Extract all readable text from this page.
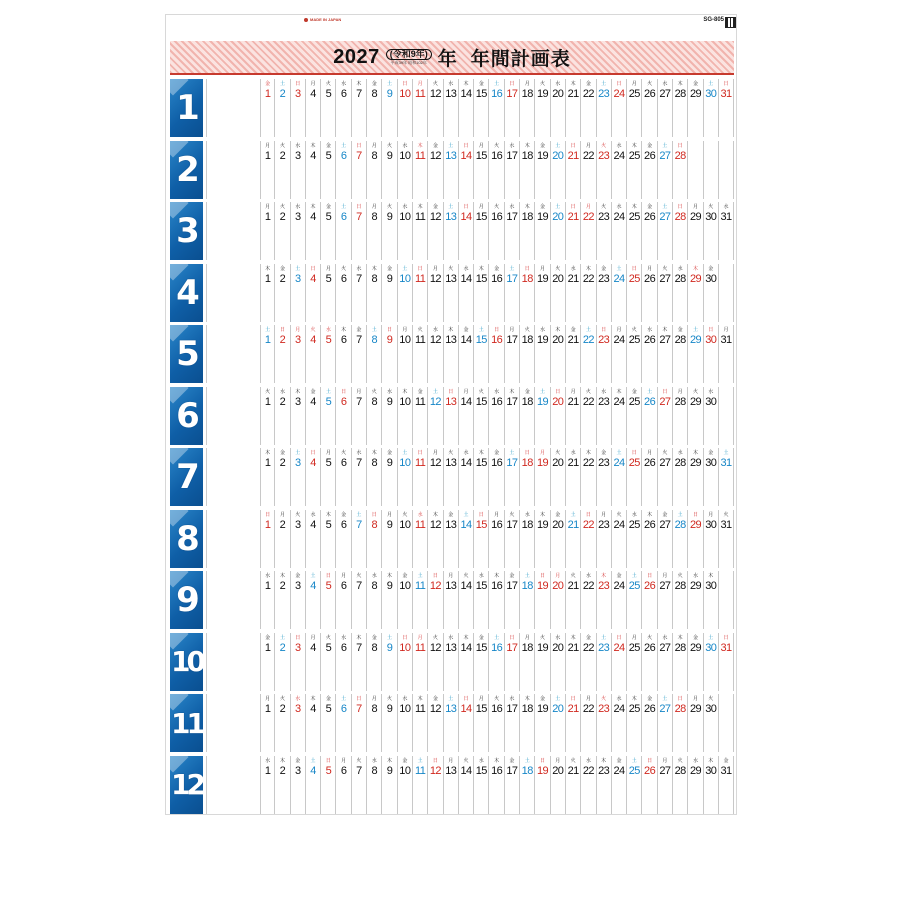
MADE IN JAPAN	SG-805
2027	(令和9年)
平成39年 昭和102年 年 年間計画表
1
金
1
土
2
日
3
月
4
火
5
水
6
木
7
金
8
土
9
日
10
月
11
火
12
水
13
木
14
金
15
土
16
日
17
月
18
火
19
水
20
木
21
金
22
土
23
日
24
月
25
火
26
水
27
木
28
金
29
土
30
日
31
2
月
1
火
2
水
3
木
4
金
5
土
6
日
7
月
8
火
9
水
10
木
11
金
12
土
13
日
14
月
15
火
16
水
17
木
18
金
19
土
20
日
21
月
22
火
23
水
24
木
25
金
26
土
27
日
28
3
月
1
火
2
水
3
木
4
金
5
土
6
日
7
月
8
火
9
水
10
木
11
金
12
土
13
日
14
月
15
火
16
水
17
木
18
金
19
土
20
日
21
月
22
火
23
水
24
木
25
金
26
土
27
日
28
月
29
火
30
水
31
4
木
1
金
2
土
3
日
4
月
5
火
6
水
7
木
8
金
9
土
10
日
11
月
12
火
13
水
14
木
15
金
16
土
17
日
18
月
19
火
20
水
21
木
22
金
23
土
24
日
25
月
26
火
27
水
28
木
29
金
30
5
土
1
日
2
月
3
火
4
水
5
木
6
金
7
土
8
日
9
月
10
火
11
水
12
木
13
金
14
土
15
日
16
月
17
火
18
水
19
木
20
金
21
土
22
日
23
月
24
火
25
水
26
木
27
金
28
土
29
日
30
月
31
6
火
1
水
2
木
3
金
4
土
5
日
6
月
7
火
8
水
9
木
10
金
11
土
12
日
13
月
14
火
15
水
16
木
17
金
18
土
19
日
20
月
21
火
22
水
23
木
24
金
25
土
26
日
27
月
28
火
29
水
30
7
木
1
金
2
土
3
日
4
月
5
火
6
水
7
木
8
金
9
土
10
日
11
月
12
火
13
水
14
木
15
金
16
土
17
日
18
月
19
火
20
水
21
木
22
金
23
土
24
日
25
月
26
火
27
水
28
木
29
金
30
土
31
8
日
1
月
2
火
3
水
4
木
5
金
6
土
7
日
8
月
9
火
10
水
11
木
12
金
13
土
14
日
15
月
16
火
17
水
18
木
19
金
20
土
21
日
22
月
23
火
24
水
25
木
26
金
27
土
28
日
29
月
30
火
31
9
水
1
木
2
金
3
土
4
日
5
月
6
火
7
水
8
木
9
金
10
土
11
日
12
月
13
火
14
水
15
木
16
金
17
土
18
日
19
月
20
火
21
水
22
木
23
金
24
土
25
日
26
月
27
火
28
水
29
木
30
10
金
1
土
2
日
3
月
4
火
5
水
6
木
7
金
8
土
9
日
10
月
11
火
12
水
13
木
14
金
15
土
16
日
17
月
18
火
19
水
20
木
21
金
22
土
23
日
24
月
25
火
26
水
27
木
28
金
29
土
30
日
31
11
月
1
火
2
水
3
木
4
金
5
土
6
日
7
月
8
火
9
水
10
木
11
金
12
土
13
日
14
月
15
火
16
水
17
木
18
金
19
土
20
日
21
月
22
火
23
水
24
木
25
金
26
土
27
日
28
月
29
火
30
12
水
1
木
2
金
3
土
4
日
5
月
6
火
7
水
8
木
9
金
10
土
11
日
12
月
13
火
14
水
15
木
16
金
17
土
18
日
19
月
20
火
21
水
22
木
23
金
24
土
25
日
26
月
27
火
28
水
29
木
30
金
31
